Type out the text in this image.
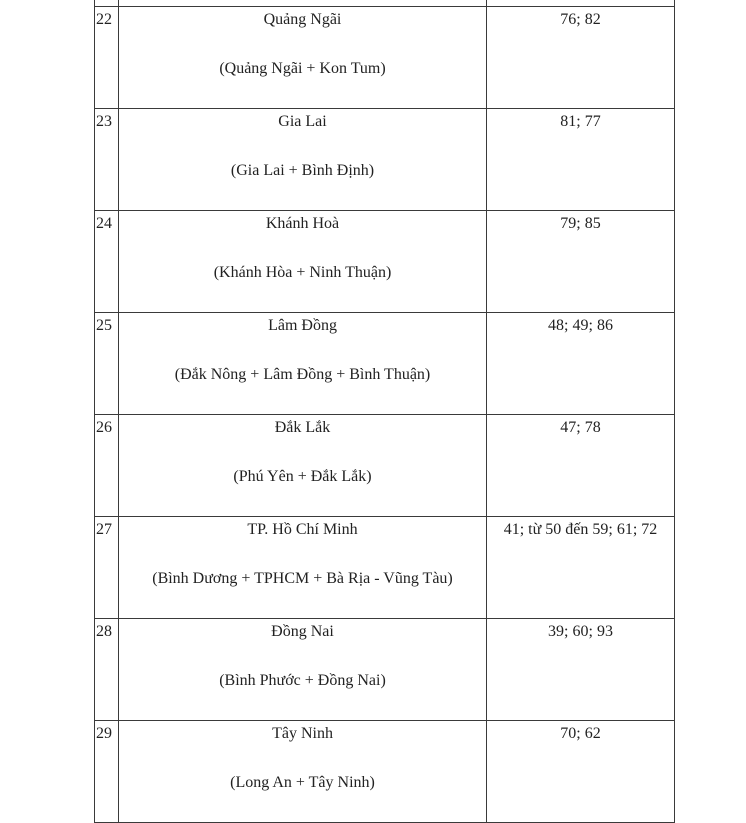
22	Quảng Ngãi
(Quảng Ngãi + Kon Tum)	76; 82
23	Gia Lai
(Gia Lai + Bình Định)	81; 77
24	Khánh Hoà
(Khánh Hòa + Ninh Thuận)	79; 85
25	Lâm Đồng
(Đắk Nông + Lâm Đồng + Bình Thuận)	48; 49; 86
26	Đắk Lắk
(Phú Yên + Đắk Lắk)	47; 78
27	TP. Hồ Chí Minh
(Bình Dương + TPHCM + Bà Rịa - Vũng Tàu)	41; từ 50 đến 59; 61; 72
28	Đồng Nai
(Bình Phước + Đồng Nai)	39; 60; 93
29	Tây Ninh
(Long An + Tây Ninh)	70; 62
